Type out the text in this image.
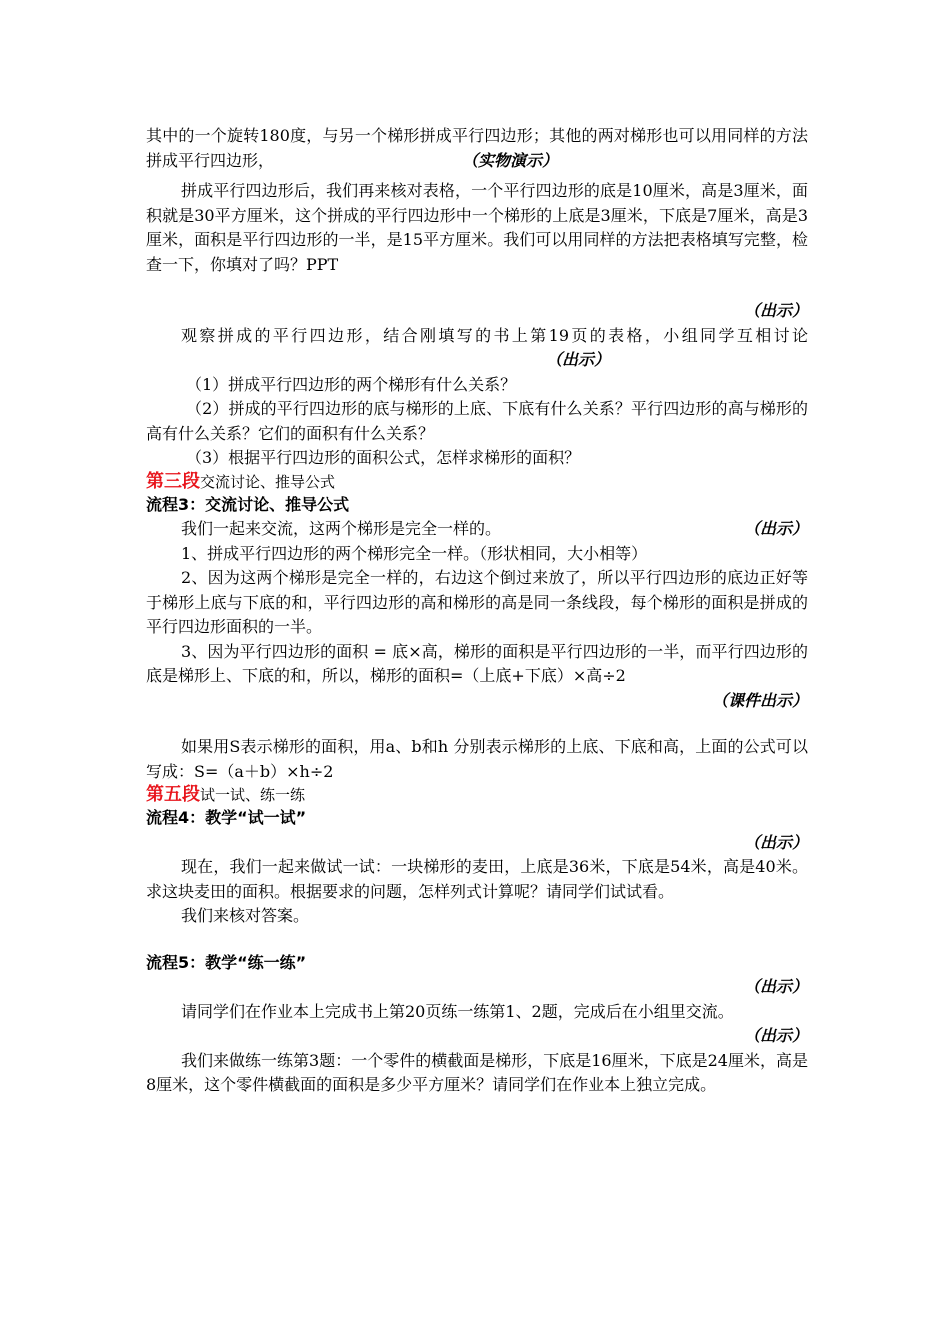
其中的一个旋转180度，与另一个梯形拼成平行四边形；其他的两对梯形也可以用同样的方法拼成平行四边形，	（实物演示）

拼成平行四边形后，我们再来核对表格，一个平行四边形的底是10厘米，高是3厘米，面积就是30平方厘米，这个拼成的平行四边形中一个梯形的上底是3厘米，下底是7厘米，高是3厘米，面积是平行四边形的一半，是15平方厘米。我们可以用同样的方法把表格填写完整，检查一下，你填对了吗？PPT

（出示）

观察拼成的平行四边形，结合刚填写的书上第19页的表格，小组同学互相讨论（出示）

（1）拼成平行四边形的两个梯形有什么关系？

（2）拼成的平行四边形的底与梯形的上底、下底有什么关系？平行四边形的高与梯形的高有什么关系？它们的面积有什么关系？

（3）根据平行四边形的面积公式，怎样求梯形的面积？

第三段交流讨论、推导公式

流程3：交流讨论、推导公式

（出示）
我们一起来交流，这两个梯形是完全一样的。

1、拼成平行四边形的两个梯形完全一样。（形状相同，大小相等）

2、因为这两个梯形是完全一样的，右边这个倒过来放了，所以平行四边形的底边正好等于梯形上底与下底的和，平行四边形的高和梯形的高是同一条线段，每个梯形的面积是拼成的平行四边形面积的一半。

3、因为平行四边形的面积 = 底×高，梯形的面积是平行四边形的一半，而平行四边形的底是梯形上、下底的和，所以，梯形的面积=（上底+下底）×高÷2

（课件出示）

如果用S表示梯形的面积，用a、b和h 分别表示梯形的上底、下底和高，上面的公式可以写成：S=（a＋b）×h÷2

第五段试一试、练一练

流程4：教学“试一试”

（出示）

现在，我们一起来做试一试：一块梯形的麦田，上底是36米，下底是54米，高是40米。求这块麦田的面积。根据要求的问题，怎样列式计算呢？请同学们试试看。

我们来核对答案。

流程5：教学“练一练”

（出示）

请同学们在作业本上完成书上第20页练一练第1、2题，完成后在小组里交流。

（出示）

我们来做练一练第3题：一个零件的横截面是梯形，下底是16厘米，下底是24厘米，高是8厘米，这个零件横截面的面积是多少平方厘米？请同学们在作业本上独立完成。
